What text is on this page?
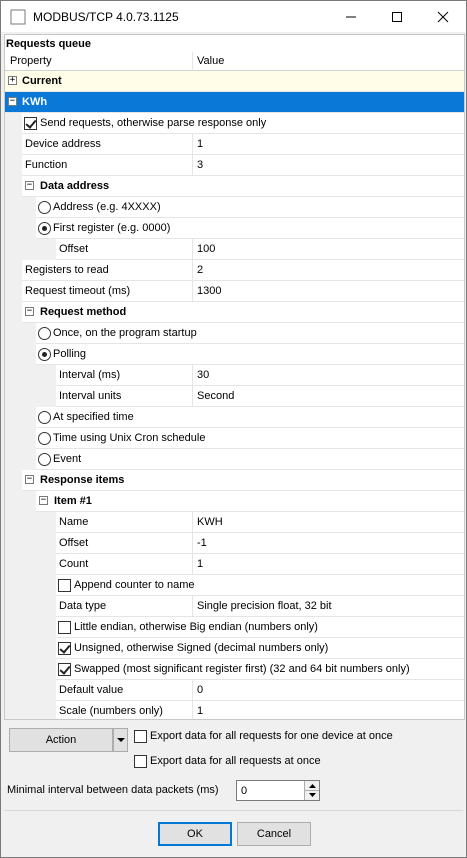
MODBUS/TCP 4.0.73.1125
Requests queue
Property	Value
+ Current
− KWh
Send requests, otherwise parse response only
Device address	1
Function	3
− Data address
Address (e.g. 4XXXX)
First register (e.g. 0000)
Offset	100
Registers to read	2
Request timeout (ms)	1300
− Request method
Once, on the program startup
Polling
Interval (ms)	30
Interval units	Second
At specified time
Time using Unix Cron schedule
Event
− Response items
− Item #1
Name	KWH
Offset	-1
Count	1
Append counter to name
Data type	Single precision float, 32 bit
Little endian, otherwise Big endian (numbers only)
Unsigned, otherwise Signed (decimal numbers only)
Swapped (most significant register first) (32 and 64 bit numbers only)
Default value	0
Scale (numbers only)	1
Action	Export data for all requests for one device at once
Export data for all requests at once
Minimal interval between data packets (ms) 0
OK	Cancel
